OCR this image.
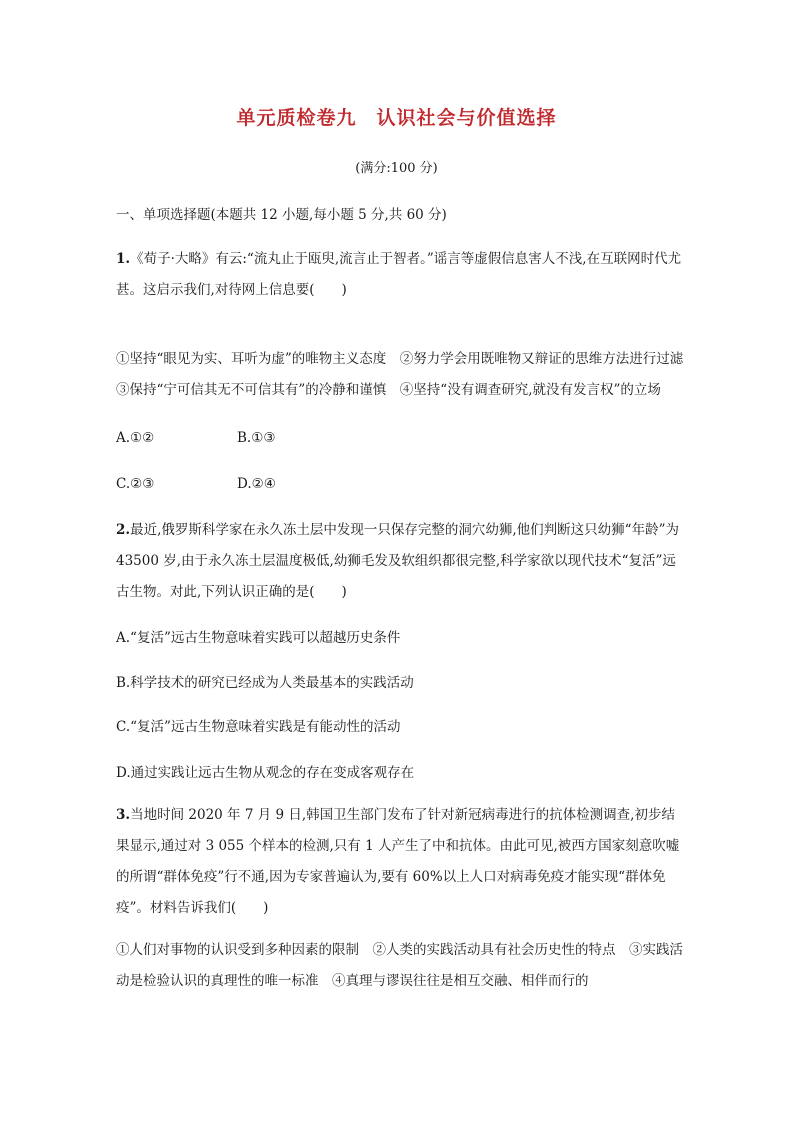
单元质检卷九　认识社会与价值选择
(满分:100 分)
一、单项选择题(本题共 12 小题,每小题 5 分,共 60 分)

1.《荀子·大略》有云:“流丸止于瓯臾,流言止于智者。”谣言等虚假信息害人不浅,在互联网时代尤甚。这启示我们,对待网上信息要(　　)

①坚持“眼见为实、耳听为虚”的唯物主义态度　②努力学会用既唯物又辩证的思维方法进行过滤　③保持“宁可信其无不可信其有”的冷静和谨慎　④坚持“没有调查研究,就没有发言权”的立场

A.①②	B.①③
C.②③	D.②④

2.最近,俄罗斯科学家在永久冻土层中发现一只保存完整的洞穴幼狮,他们判断这只幼狮“年龄”为 43500 岁,由于永久冻土层温度极低,幼狮毛发及软组织都很完整,科学家欲以现代技术“复活”远古生物。对此,下列认识正确的是(　　)

A.“复活”远古生物意味着实践可以超越历史条件
B.科学技术的研究已经成为人类最基本的实践活动
C.“复活”远古生物意味着实践是有能动性的活动
D.通过实践让远古生物从观念的存在变成客观存在

3.当地时间 2020 年 7 月 9 日,韩国卫生部门发布了针对新冠病毒进行的抗体检测调查,初步结果显示,通过对 3 055 个样本的检测,只有 1 人产生了中和抗体。由此可见,被西方国家刻意吹嘘的所谓“群体免疫”行不通,因为专家普遍认为,要有 60%以上人口对病毒免疫才能实现“群体免疫”。材料告诉我们(　　)

①人们对事物的认识受到多种因素的限制　②人类的实践活动具有社会历史性的特点　③实践活动是检验认识的真理性的唯一标准　④真理与谬误往往是相互交融、相伴而行的
